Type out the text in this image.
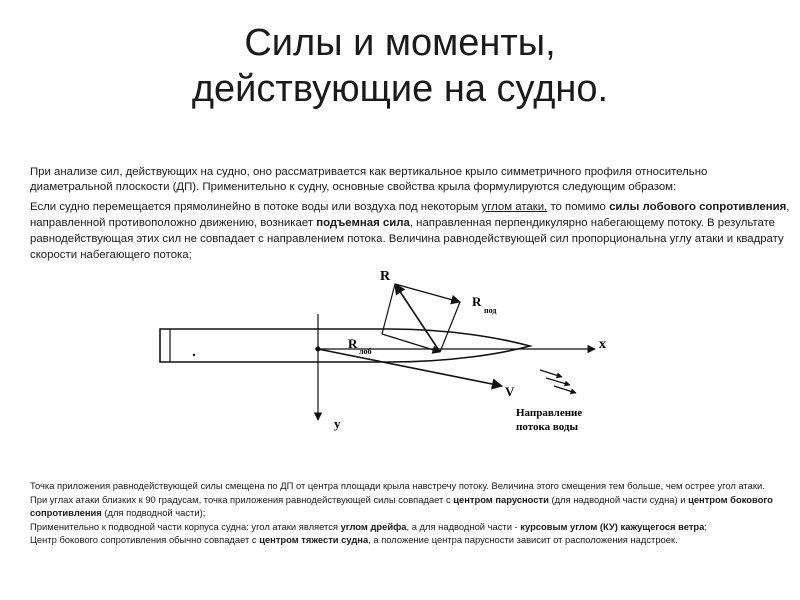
Силы и моменты,
действующие на судно.
При анализе сил, действующих на судно, оно рассматривается как вертикальное крыло симметричного профиля относительно диаметральной плоскости (ДП). Применительно к судну, основные свойства крыла формулируются следующим образом:
Если судно перемещается прямолинейно в потоке воды или воздуха под некоторым углом атаки, то помимо силы лобового сопротивления, направленной противоположно движению, возникает подъемная сила, направленная перпендикулярно набегающему потоку. В результате равнодействующая этих сил не совпадает с направлением потока. Величина равнодействующей сил пропорциональна углу атаки и квадрату скорости набегающего потока;
x
y
R
R
под
R
лоб
V
Направление
потока воды

Точка приложения равнодействующей силы смещена по ДП от центра площади крыла навстречу потоку. Величина этого смещения тем больше, чем острее угол атаки. При углах атаки близких к 90 градусам, точка приложения равнодействующей силы совпадает с центром парусности (для надводной части судна) и центром бокового сопротивления (для подводной части);

Применительно к подводной части корпуса судна: угол атаки является углом дрейфа, а для надводной части - курсовым углом (КУ) кажущегося ветра;

Центр бокового сопротивления обычно совпадает с центром тяжести судна, а положение центра парусности зависит от расположения надстроек.
